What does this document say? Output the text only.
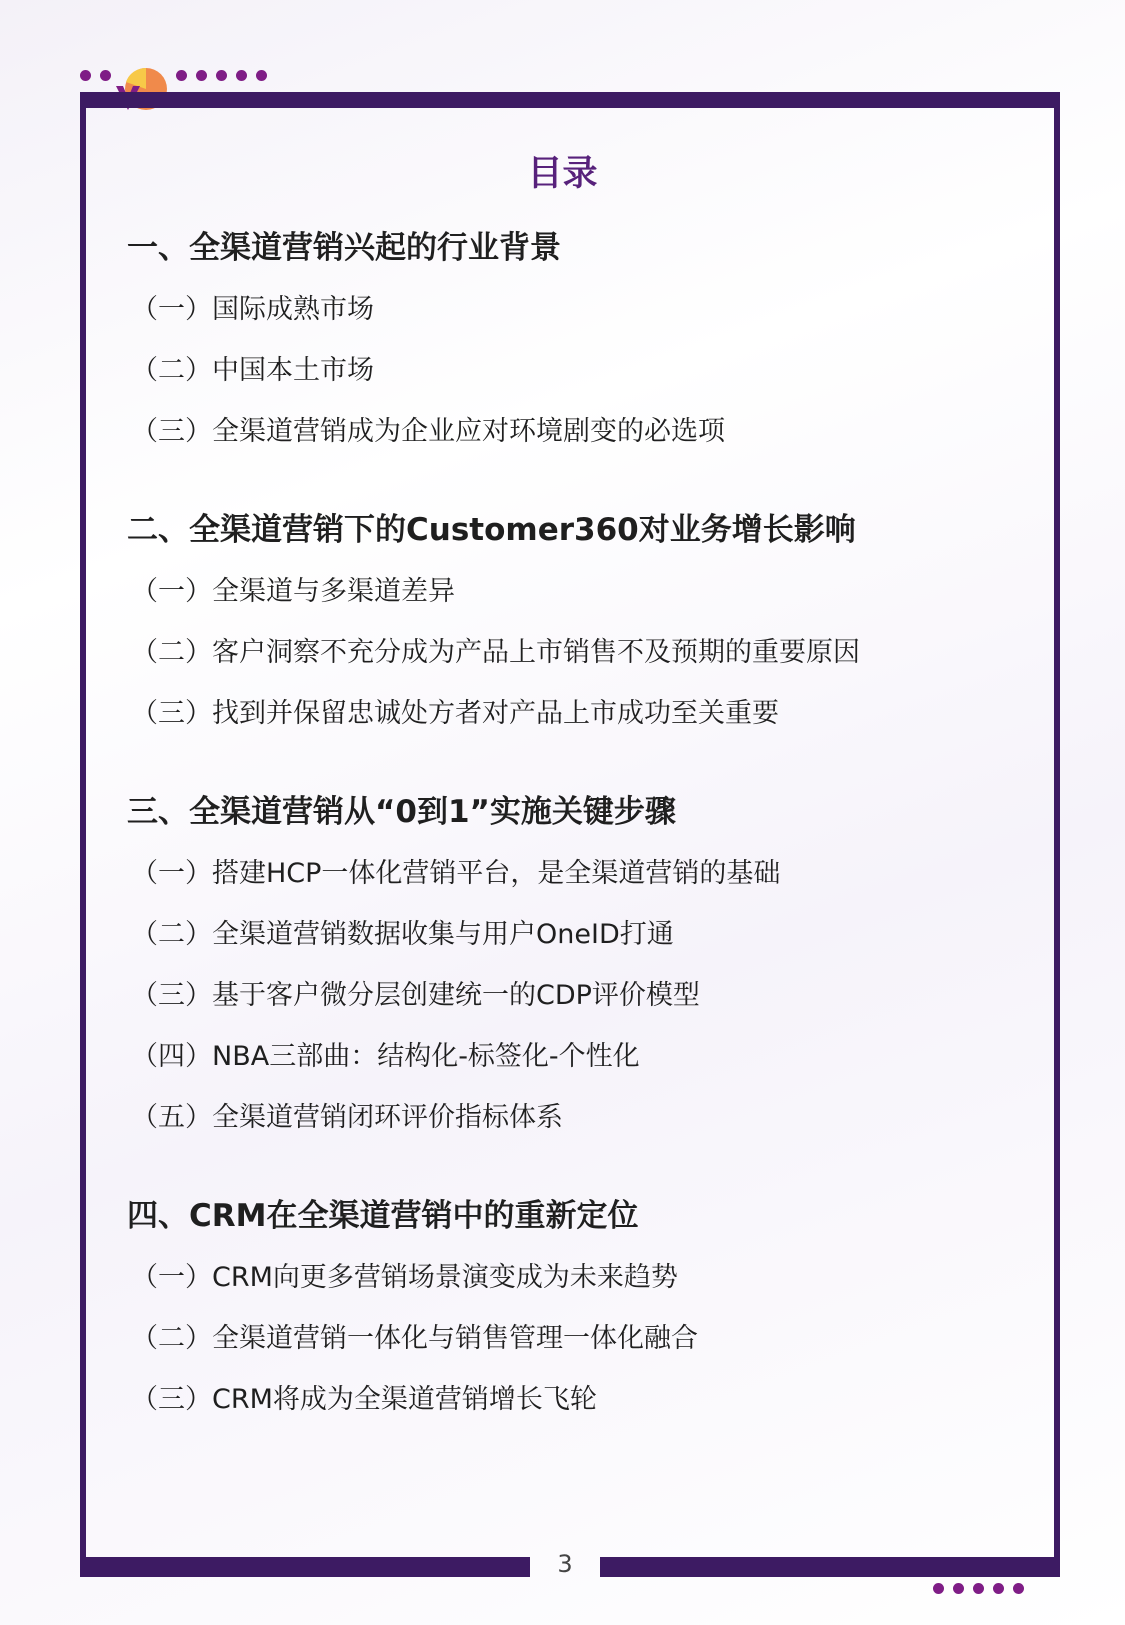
目录
一、全渠道营销兴起的行业背景
（一）国际成熟市场
（二）中国本土市场
（三）全渠道营销成为企业应对环境剧变的必选项
二、全渠道营销下的Customer360对业务增长影响
（一）全渠道与多渠道差异
（二）客户洞察不充分成为产品上市销售不及预期的重要原因
（三）找到并保留忠诚处方者对产品上市成功至关重要
三、全渠道营销从“0到1”实施关键步骤
（一）搭建HCP一体化营销平台，是全渠道营销的基础
（二）全渠道营销数据收集与用户OneID打通
（三）基于客户微分层创建统一的CDP评价模型
（四）NBA三部曲：结构化-标签化-个性化
（五）全渠道营销闭环评价指标体系
四、CRM在全渠道营销中的重新定位
（一）CRM向更多营销场景演变成为未来趋势
（二）全渠道营销一体化与销售管理一体化融合
（三）CRM将成为全渠道营销增长飞轮
3
